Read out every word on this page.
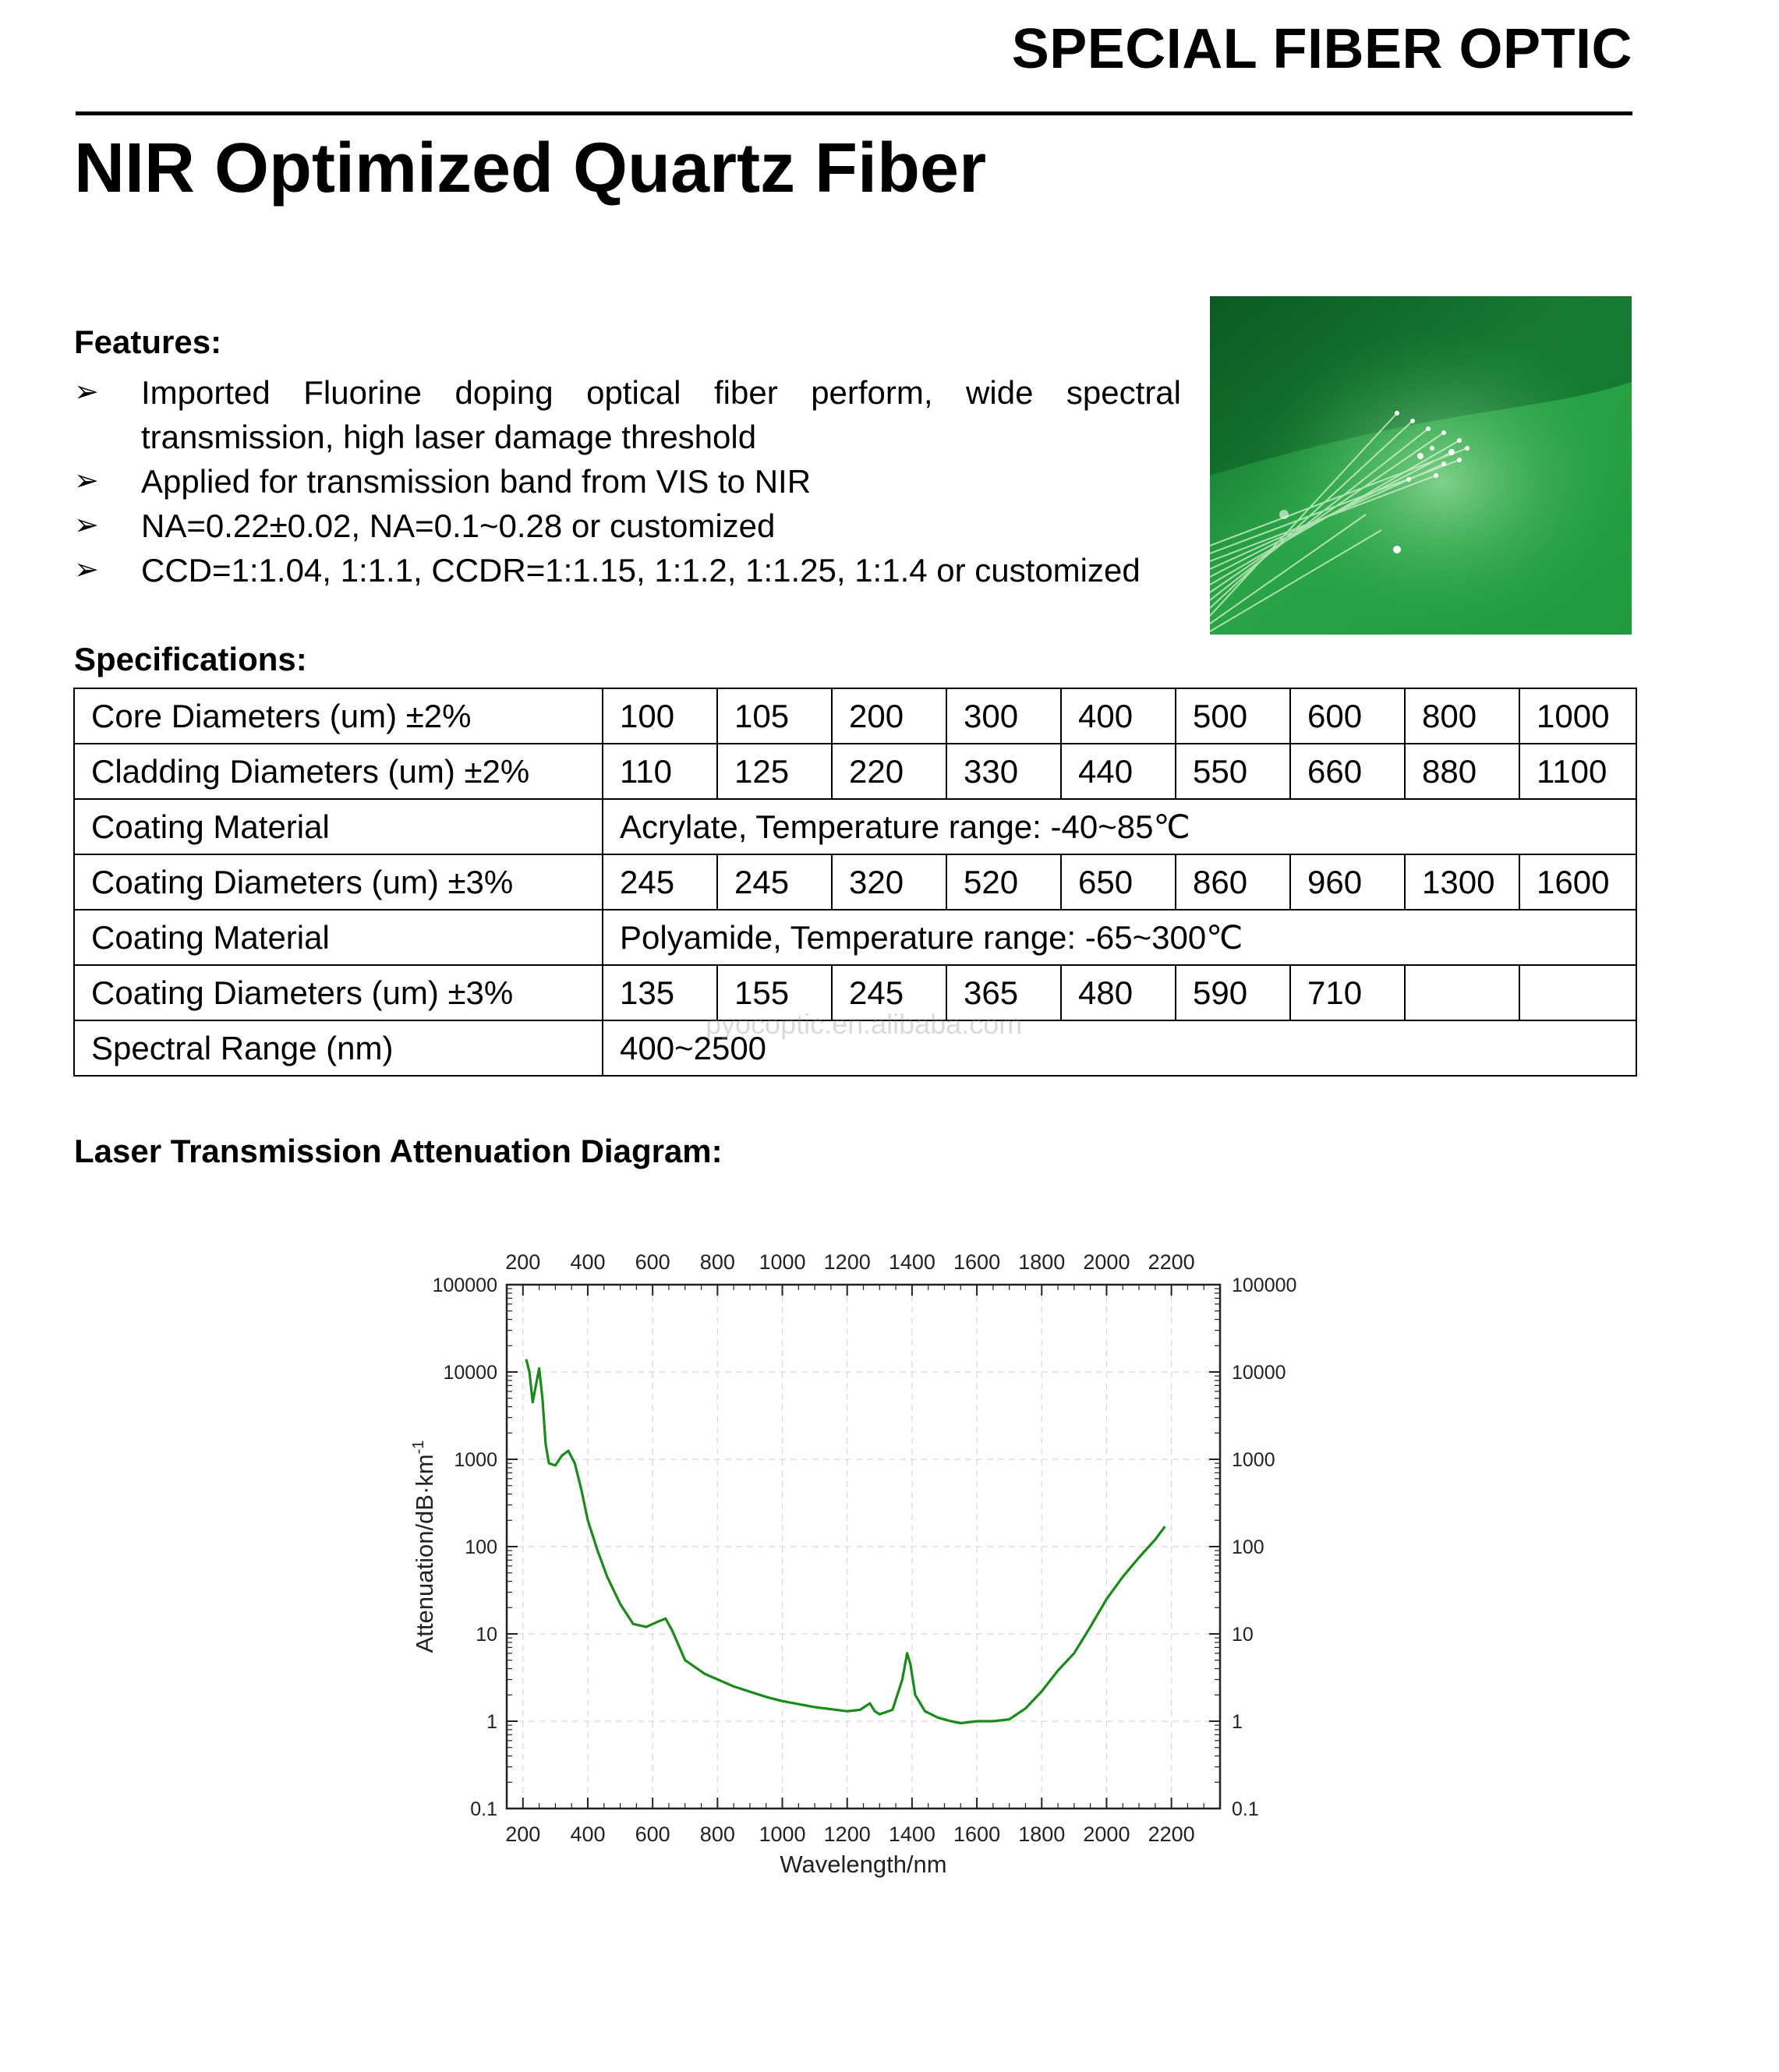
SPECIAL FIBER OPTIC
NIR Optimized Quartz Fiber
Features:
➢ Imported Fluorine doping optical fiber perform, wide spectral transmission, high laser damage threshold
➢ Applied for transmission band from VIS to NIR
➢ NA=0.22±0.02, NA=0.1~0.28 or customized
➢ CCD=1:1.04, 1:1.1, CCDR=1:1.15, 1:1.2, 1:1.25, 1:1.4 or customized
Specifications:
Core Diameters (um) ±2%	100	105	200	300	400	500	600	800	1000
Cladding Diameters (um) ±2%	110	125	220	330	440	550	660	880	1100
Coating Material	Acrylate, Temperature range: -40~85℃								
Coating Diameters (um) ±3%	245	245	320	520	650	860	960	1300	1600
Coating Material	Polyamide, Temperature range: -65~300℃								
Coating Diameters (um) ±3%	135	155	245	365	480	590	710		
Spectral Range (nm)	400~2500								
pyocoptic.en.alibaba.com
Laser Transmission Attenuation Diagram:
200
200
400
400
600
600
800
800
1000
1000
1200
1200
1400
1400
1600
1600
1800
1800
2000
2000
2200
2200
0.1	0.1
1	1
10	10
100	100
1000	1000
10000	10000
100000	100000
Wavelength/nm
Attenuation/$dB\cdot km^{-1}$
